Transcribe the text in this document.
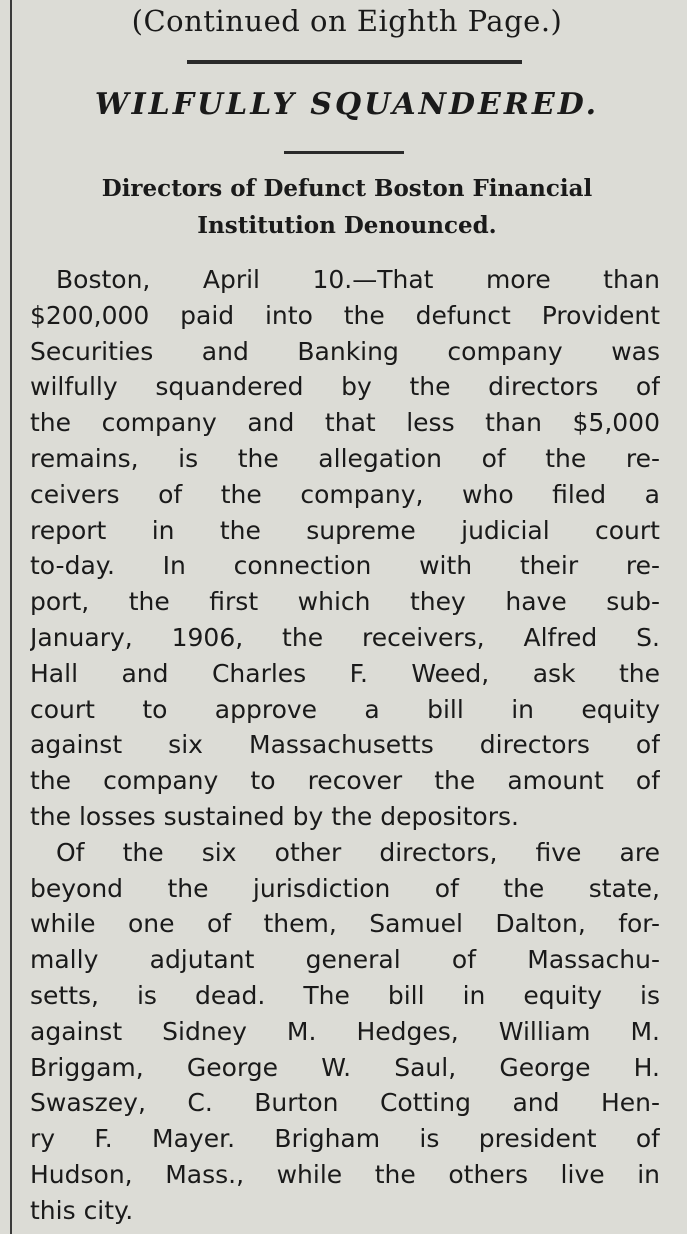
(Continued on Eighth Page.)
WILFULLY SQUANDERED.
Directors of Defunct Boston Financial
Institution Denounced.
Boston, April 10.—That more than
$200,000 paid into the defunct Provident
Securities and Banking company was
wilfully squandered by the directors of
the company and that less than $5,000
remains, is the allegation of the re-
ceivers of the company, who filed a
report in the supreme judicial court
to-day. In connection with their re-
port, the first which they have sub-
January, 1906, the receivers, Alfred S.
Hall and Charles F. Weed, ask the
court to approve a bill in equity
against six Massachusetts directors of
the company to recover the amount of
the losses sustained by the depositors.
Of the six other directors, five are
beyond the jurisdiction of the state,
while one of them, Samuel Dalton, for-
mally adjutant general of Massachu-
setts, is dead. The bill in equity is
against Sidney M. Hedges, William M.
Briggam, George W. Saul, George H.
Swaszey, C. Burton Cotting and Hen-
ry F. Mayer. Brigham is president of
Hudson, Mass., while the others live in
this city.
